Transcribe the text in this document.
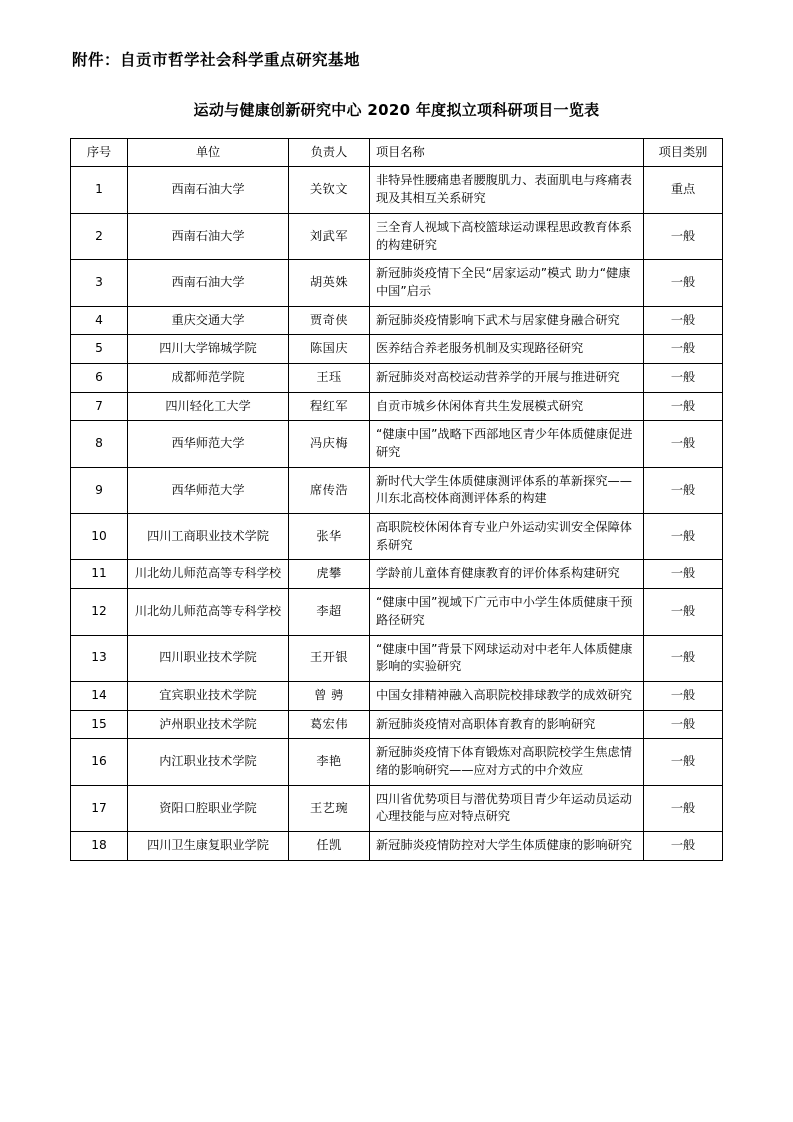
附件：自贡市哲学社会科学重点研究基地
运动与健康创新研究中心 2020 年度拟立项科研项目一览表
序号	单位	负责人	项目名称	项目类别
1	西南石油大学	关钦文	非特异性腰痛患者腰腹肌力、表面肌电与疼痛表现及其相互关系研究	重点
2	西南石油大学	刘武军	三全育人视域下高校篮球运动课程思政教育体系的构建研究	一般
3	西南石油大学	胡英姝	新冠肺炎疫情下全民“居家运动”模式 助力“健康中国”启示	一般
4	重庆交通大学	贾奇侠	新冠肺炎疫情影响下武术与居家健身融合研究	一般
5	四川大学锦城学院	陈国庆	医养结合养老服务机制及实现路径研究	一般
6	成都师范学院	王珏	新冠肺炎对高校运动营养学的开展与推进研究	一般
7	四川轻化工大学	程红军	自贡市城乡休闲体育共生发展模式研究	一般
8	西华师范大学	冯庆梅	“健康中国”战略下西部地区青少年体质健康促进研究	一般
9	西华师范大学	席传浩	新时代大学生体质健康测评体系的革新探究——川东北高校体商测评体系的构建	一般
10	四川工商职业技术学院	张华	高职院校休闲体育专业户外运动实训安全保障体系研究	一般
11	川北幼儿师范高等专科学校	虎攀	学龄前儿童体育健康教育的评价体系构建研究	一般
12	川北幼儿师范高等专科学校	李超	“健康中国”视域下广元市中小学生体质健康干预路径研究	一般
13	四川职业技术学院	王开银	“健康中国”背景下网球运动对中老年人体质健康影响的实验研究	一般
14	宜宾职业技术学院	曾 骋	中国女排精神融入高职院校排球教学的成效研究	一般
15	泸州职业技术学院	葛宏伟	新冠肺炎疫情对高职体育教育的影响研究	一般
16	内江职业技术学院	李艳	新冠肺炎疫情下体育锻炼对高职院校学生焦虑情绪的影响研究——应对方式的中介效应	一般
17	资阳口腔职业学院	王艺琬	四川省优势项目与潜优势项目青少年运动员运动心理技能与应对特点研究	一般
18	四川卫生康复职业学院	任凯	新冠肺炎疫情防控对大学生体质健康的影响研究	一般
